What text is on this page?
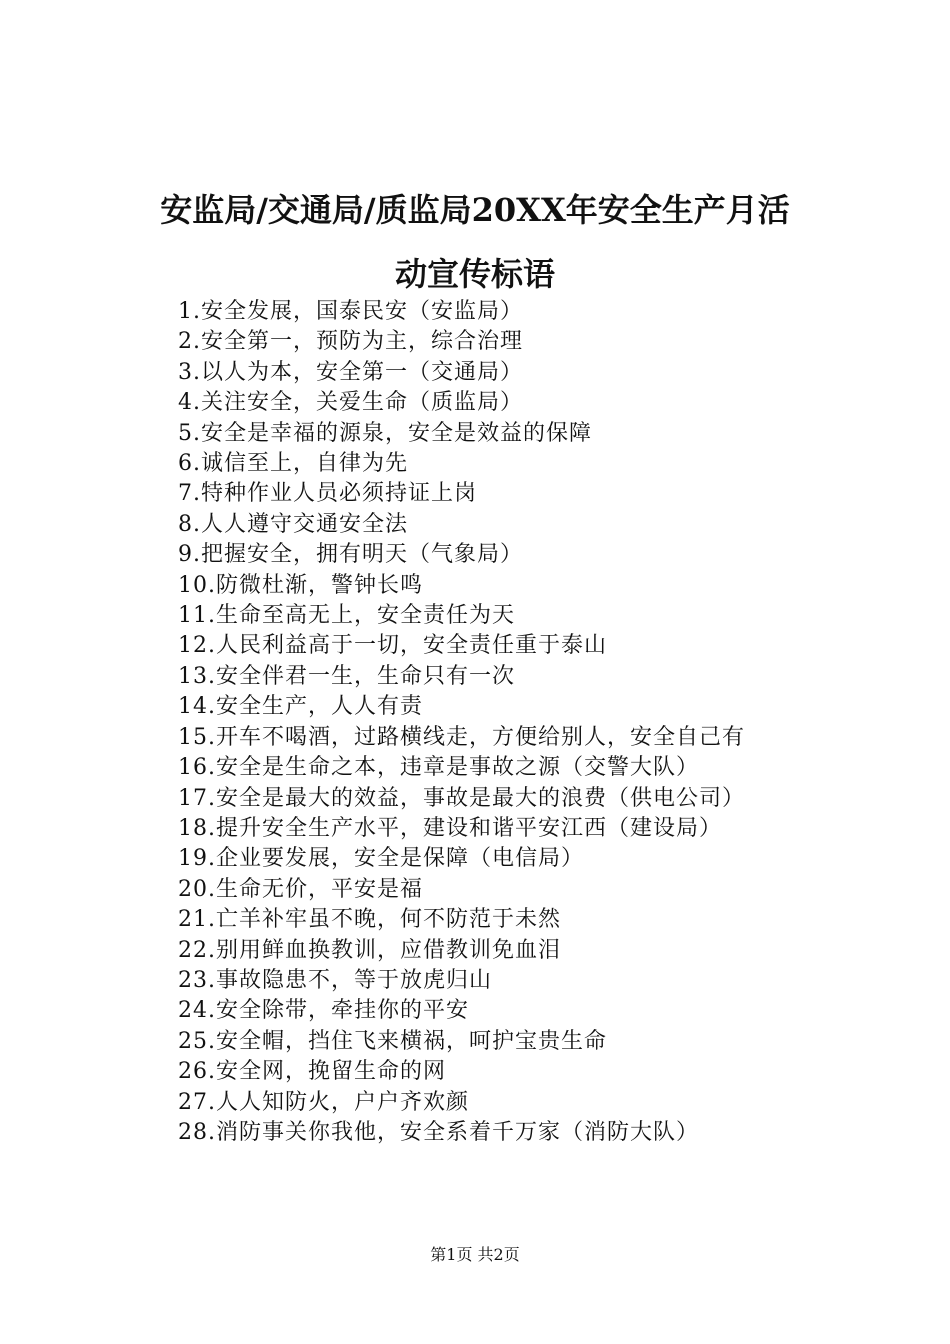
安监局/交通局/质监局20XX年安全生产月活
动宣传标语
1.安全发展，国泰民安（安监局）
2.安全第一，预防为主，综合治理
3.以人为本，安全第一（交通局）
4.关注安全，关爱生命（质监局）
5.安全是幸福的源泉，安全是效益的保障
6.诚信至上，自律为先
7.特种作业人员必须持证上岗
8.人人遵守交通安全法
9.把握安全，拥有明天（气象局）
10.防微杜渐，警钟长鸣
11.生命至高无上，安全责任为天
12.人民利益高于一切，安全责任重于泰山
13.安全伴君一生，生命只有一次
14.安全生产，人人有责
15.开车不喝酒，过路横线走，方便给别人，安全自己有
16.安全是生命之本，违章是事故之源（交警大队）
17.安全是最大的效益，事故是最大的浪费（供电公司）
18.提升安全生产水平，建设和谐平安江西（建设局）
19.企业要发展，安全是保障（电信局）
20.生命无价，平安是福
21.亡羊补牢虽不晚，何不防范于未然
22.别用鲜血换教训，应借教训免血泪
23.事故隐患不，等于放虎归山
24.安全除带，牵挂你的平安
25.安全帽，挡住飞来横祸，呵护宝贵生命
26.安全网，挽留生命的网
27.人人知防火，户户齐欢颜
28.消防事关你我他，安全系着千万家（消防大队）
第1页 共2页
